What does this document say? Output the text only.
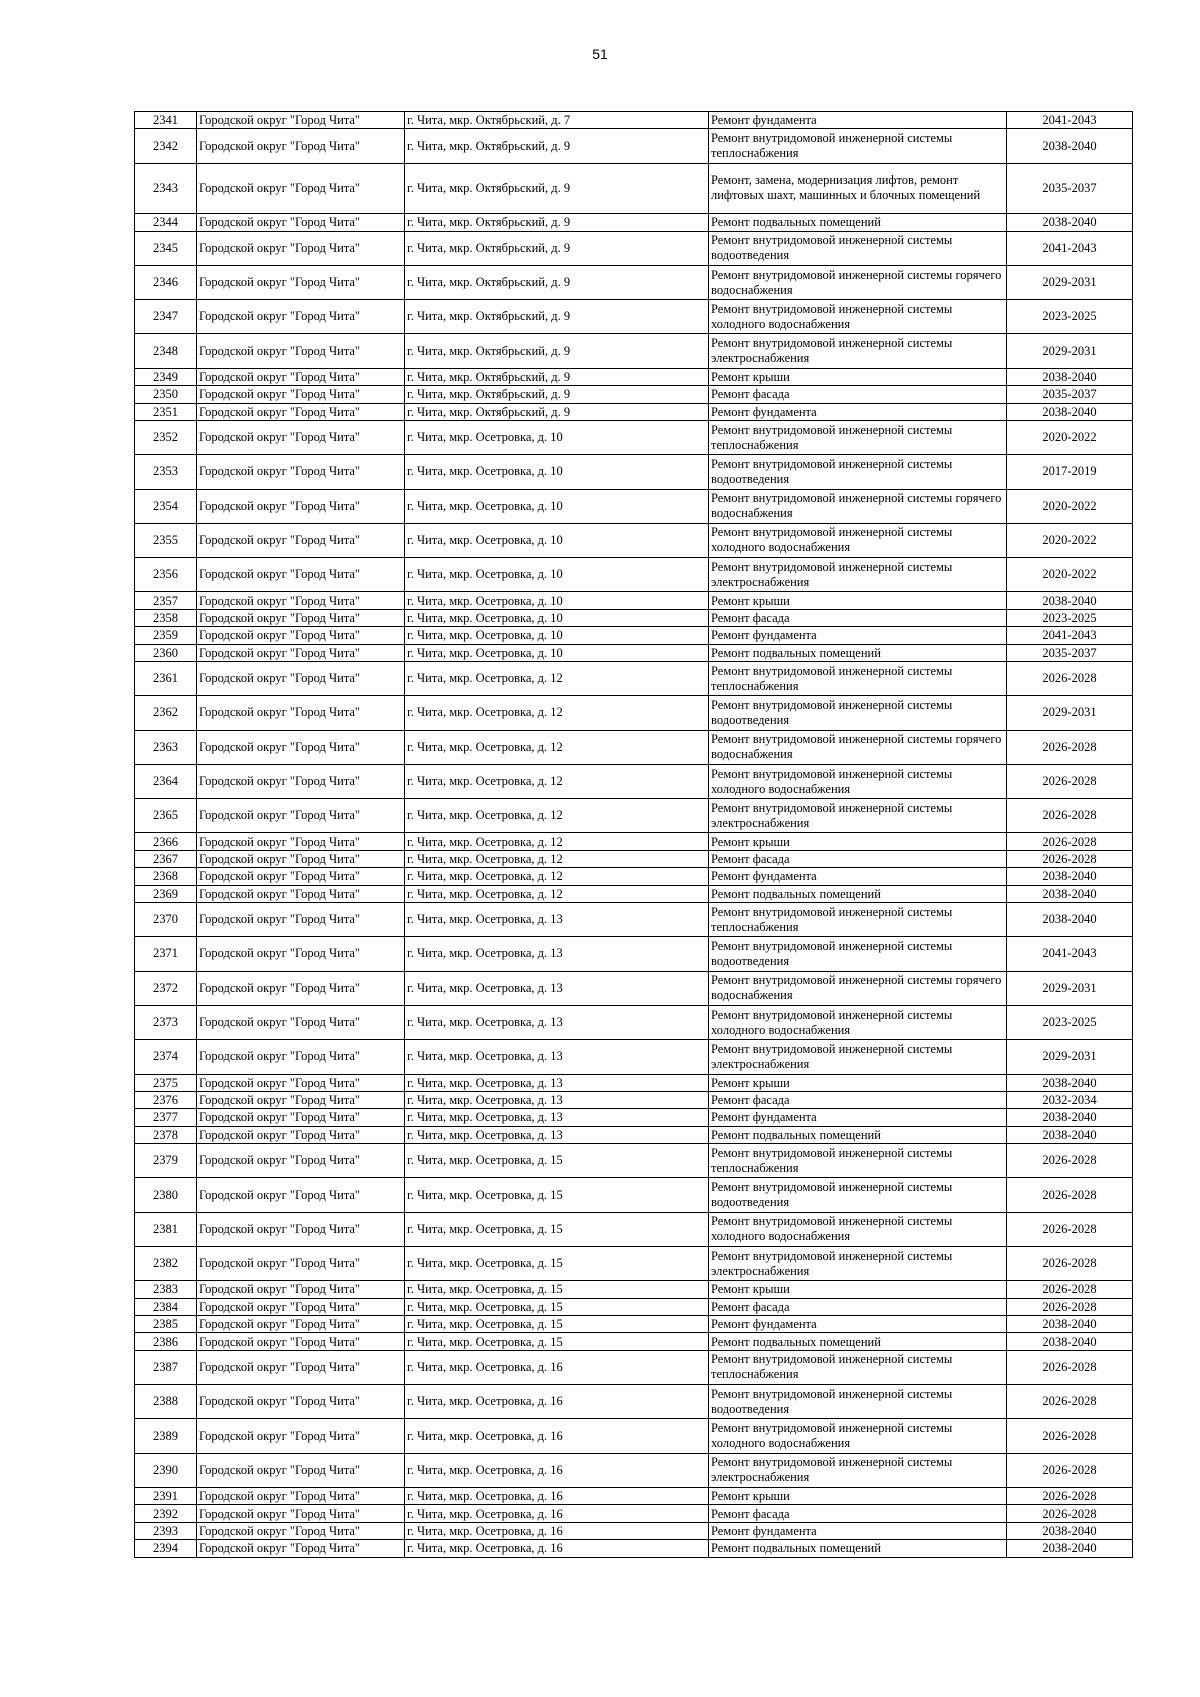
51
2341	Городской округ "Город Чита"	г. Чита, мкр. Октябрьский, д. 7	Ремонт фундамента	2041-2043
2342	Городской округ "Город Чита"	г. Чита, мкр. Октябрьский, д. 9	Ремонт внутридомовой инженерной системы теплоснабжения	2038-2040
2343	Городской округ "Город Чита"	г. Чита, мкр. Октябрьский, д. 9	Ремонт, замена, модернизация лифтов, ремонт лифтовых шахт, машинных и блочных помещений	2035-2037
2344	Городской округ "Город Чита"	г. Чита, мкр. Октябрьский, д. 9	Ремонт подвальных помещений	2038-2040
2345	Городской округ "Город Чита"	г. Чита, мкр. Октябрьский, д. 9	Ремонт внутридомовой инженерной системы водоотведения	2041-2043
2346	Городской округ "Город Чита"	г. Чита, мкр. Октябрьский, д. 9	Ремонт внутридомовой инженерной системы горячего водоснабжения	2029-2031
2347	Городской округ "Город Чита"	г. Чита, мкр. Октябрьский, д. 9	Ремонт внутридомовой инженерной системы холодного водоснабжения	2023-2025
2348	Городской округ "Город Чита"	г. Чита, мкр. Октябрьский, д. 9	Ремонт внутридомовой инженерной системы электроснабжения	2029-2031
2349	Городской округ "Город Чита"	г. Чита, мкр. Октябрьский, д. 9	Ремонт крыши	2038-2040
2350	Городской округ "Город Чита"	г. Чита, мкр. Октябрьский, д. 9	Ремонт фасада	2035-2037
2351	Городской округ "Город Чита"	г. Чита, мкр. Октябрьский, д. 9	Ремонт фундамента	2038-2040
2352	Городской округ "Город Чита"	г. Чита, мкр. Осетровка, д. 10	Ремонт внутридомовой инженерной системы теплоснабжения	2020-2022
2353	Городской округ "Город Чита"	г. Чита, мкр. Осетровка, д. 10	Ремонт внутридомовой инженерной системы водоотведения	2017-2019
2354	Городской округ "Город Чита"	г. Чита, мкр. Осетровка, д. 10	Ремонт внутридомовой инженерной системы горячего водоснабжения	2020-2022
2355	Городской округ "Город Чита"	г. Чита, мкр. Осетровка, д. 10	Ремонт внутридомовой инженерной системы холодного водоснабжения	2020-2022
2356	Городской округ "Город Чита"	г. Чита, мкр. Осетровка, д. 10	Ремонт внутридомовой инженерной системы электроснабжения	2020-2022
2357	Городской округ "Город Чита"	г. Чита, мкр. Осетровка, д. 10	Ремонт крыши	2038-2040
2358	Городской округ "Город Чита"	г. Чита, мкр. Осетровка, д. 10	Ремонт фасада	2023-2025
2359	Городской округ "Город Чита"	г. Чита, мкр. Осетровка, д. 10	Ремонт фундамента	2041-2043
2360	Городской округ "Город Чита"	г. Чита, мкр. Осетровка, д. 10	Ремонт подвальных помещений	2035-2037
2361	Городской округ "Город Чита"	г. Чита, мкр. Осетровка, д. 12	Ремонт внутридомовой инженерной системы теплоснабжения	2026-2028
2362	Городской округ "Город Чита"	г. Чита, мкр. Осетровка, д. 12	Ремонт внутридомовой инженерной системы водоотведения	2029-2031
2363	Городской округ "Город Чита"	г. Чита, мкр. Осетровка, д. 12	Ремонт внутридомовой инженерной системы горячего водоснабжения	2026-2028
2364	Городской округ "Город Чита"	г. Чита, мкр. Осетровка, д. 12	Ремонт внутридомовой инженерной системы холодного водоснабжения	2026-2028
2365	Городской округ "Город Чита"	г. Чита, мкр. Осетровка, д. 12	Ремонт внутридомовой инженерной системы электроснабжения	2026-2028
2366	Городской округ "Город Чита"	г. Чита, мкр. Осетровка, д. 12	Ремонт крыши	2026-2028
2367	Городской округ "Город Чита"	г. Чита, мкр. Осетровка, д. 12	Ремонт фасада	2026-2028
2368	Городской округ "Город Чита"	г. Чита, мкр. Осетровка, д. 12	Ремонт фундамента	2038-2040
2369	Городской округ "Город Чита"	г. Чита, мкр. Осетровка, д. 12	Ремонт подвальных помещений	2038-2040
2370	Городской округ "Город Чита"	г. Чита, мкр. Осетровка, д. 13	Ремонт внутридомовой инженерной системы теплоснабжения	2038-2040
2371	Городской округ "Город Чита"	г. Чита, мкр. Осетровка, д. 13	Ремонт внутридомовой инженерной системы водоотведения	2041-2043
2372	Городской округ "Город Чита"	г. Чита, мкр. Осетровка, д. 13	Ремонт внутридомовой инженерной системы горячего водоснабжения	2029-2031
2373	Городской округ "Город Чита"	г. Чита, мкр. Осетровка, д. 13	Ремонт внутридомовой инженерной системы холодного водоснабжения	2023-2025
2374	Городской округ "Город Чита"	г. Чита, мкр. Осетровка, д. 13	Ремонт внутридомовой инженерной системы электроснабжения	2029-2031
2375	Городской округ "Город Чита"	г. Чита, мкр. Осетровка, д. 13	Ремонт крыши	2038-2040
2376	Городской округ "Город Чита"	г. Чита, мкр. Осетровка, д. 13	Ремонт фасада	2032-2034
2377	Городской округ "Город Чита"	г. Чита, мкр. Осетровка, д. 13	Ремонт фундамента	2038-2040
2378	Городской округ "Город Чита"	г. Чита, мкр. Осетровка, д. 13	Ремонт подвальных помещений	2038-2040
2379	Городской округ "Город Чита"	г. Чита, мкр. Осетровка, д. 15	Ремонт внутридомовой инженерной системы теплоснабжения	2026-2028
2380	Городской округ "Город Чита"	г. Чита, мкр. Осетровка, д. 15	Ремонт внутридомовой инженерной системы водоотведения	2026-2028
2381	Городской округ "Город Чита"	г. Чита, мкр. Осетровка, д. 15	Ремонт внутридомовой инженерной системы холодного водоснабжения	2026-2028
2382	Городской округ "Город Чита"	г. Чита, мкр. Осетровка, д. 15	Ремонт внутридомовой инженерной системы электроснабжения	2026-2028
2383	Городской округ "Город Чита"	г. Чита, мкр. Осетровка, д. 15	Ремонт крыши	2026-2028
2384	Городской округ "Город Чита"	г. Чита, мкр. Осетровка, д. 15	Ремонт фасада	2026-2028
2385	Городской округ "Город Чита"	г. Чита, мкр. Осетровка, д. 15	Ремонт фундамента	2038-2040
2386	Городской округ "Город Чита"	г. Чита, мкр. Осетровка, д. 15	Ремонт подвальных помещений	2038-2040
2387	Городской округ "Город Чита"	г. Чита, мкр. Осетровка, д. 16	Ремонт внутридомовой инженерной системы теплоснабжения	2026-2028
2388	Городской округ "Город Чита"	г. Чита, мкр. Осетровка, д. 16	Ремонт внутридомовой инженерной системы водоотведения	2026-2028
2389	Городской округ "Город Чита"	г. Чита, мкр. Осетровка, д. 16	Ремонт внутридомовой инженерной системы холодного водоснабжения	2026-2028
2390	Городской округ "Город Чита"	г. Чита, мкр. Осетровка, д. 16	Ремонт внутридомовой инженерной системы электроснабжения	2026-2028
2391	Городской округ "Город Чита"	г. Чита, мкр. Осетровка, д. 16	Ремонт крыши	2026-2028
2392	Городской округ "Город Чита"	г. Чита, мкр. Осетровка, д. 16	Ремонт фасада	2026-2028
2393	Городской округ "Город Чита"	г. Чита, мкр. Осетровка, д. 16	Ремонт фундамента	2038-2040
2394	Городской округ "Город Чита"	г. Чита, мкр. Осетровка, д. 16	Ремонт подвальных помещений	2038-2040
